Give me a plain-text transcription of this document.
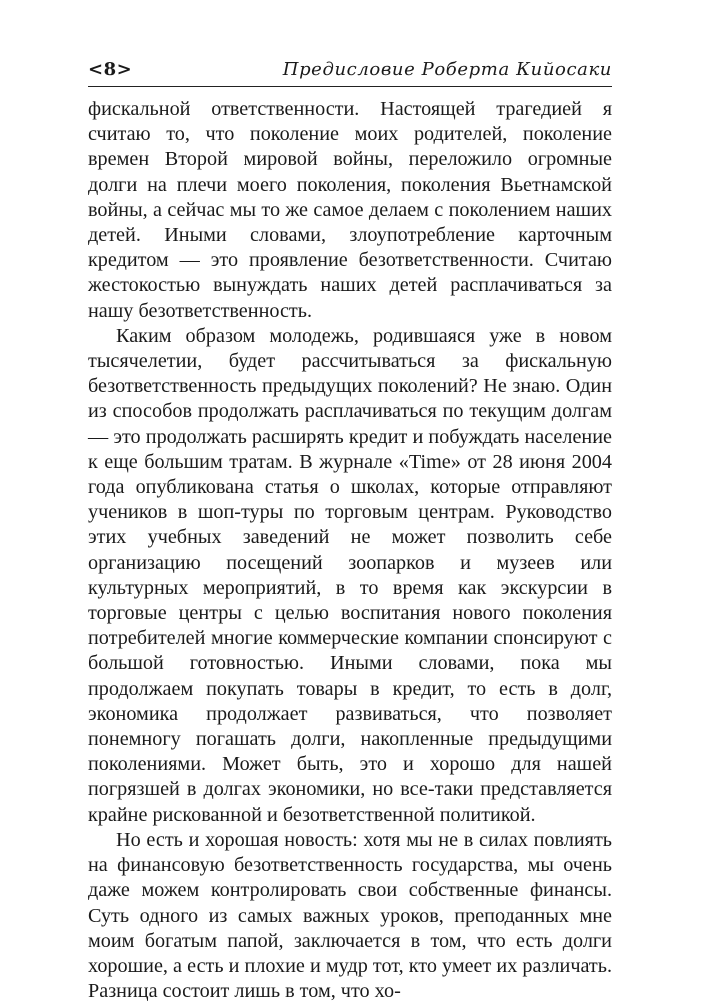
<8>	Предисловие Роберта Кийосаки

фискальной ответственности. Настоящей трагедией я считаю то, что поколение моих родителей, поколение времен Второй мировой войны, переложило огромные долги на плечи моего поколения, поколения Вьетнамской войны, а сейчас мы то же самое делаем с поколением наших детей. Иными словами, злоупотребление карточным кредитом — это проявление безответственности. Считаю жестокостью вынуждать наших детей расплачиваться за нашу безответственность.

Каким образом молодежь, родившаяся уже в новом тысячелетии, будет рассчитываться за фискальную безответственность предыдущих поколений? Не знаю. Один из способов продолжать расплачиваться по текущим долгам — это продолжать расширять кредит и побуждать население к еще большим тратам. В журнале «Time» от 28 июня 2004 года опубликована статья о школах, которые отправляют учеников в шоп-туры по торговым центрам. Руководство этих учебных заведений не может позволить себе организацию посещений зоопарков и музеев или культурных мероприятий, в то время как экскурсии в торговые центры с целью воспитания нового поколения потребителей многие коммерческие компании спонсируют с большой готовностью. Иными словами, пока мы продолжаем покупать товары в кредит, то есть в долг, экономика продолжает развиваться, что позволяет понемногу погашать долги, накопленные предыдущими поколениями. Может быть, это и хорошо для нашей погрязшей в долгах экономики, но все-таки представляется крайне рискованной и безответственной политикой.

Но есть и хорошая новость: хотя мы не в силах повлиять на финансовую безответственность государства, мы очень даже можем контролировать свои собственные финансы. Суть одного из самых важных уроков, преподанных мне моим богатым папой, заключается в том, что есть долги хорошие, а есть и плохие и мудр тот, кто умеет их различать. Разница состоит лишь в том, что хо-
